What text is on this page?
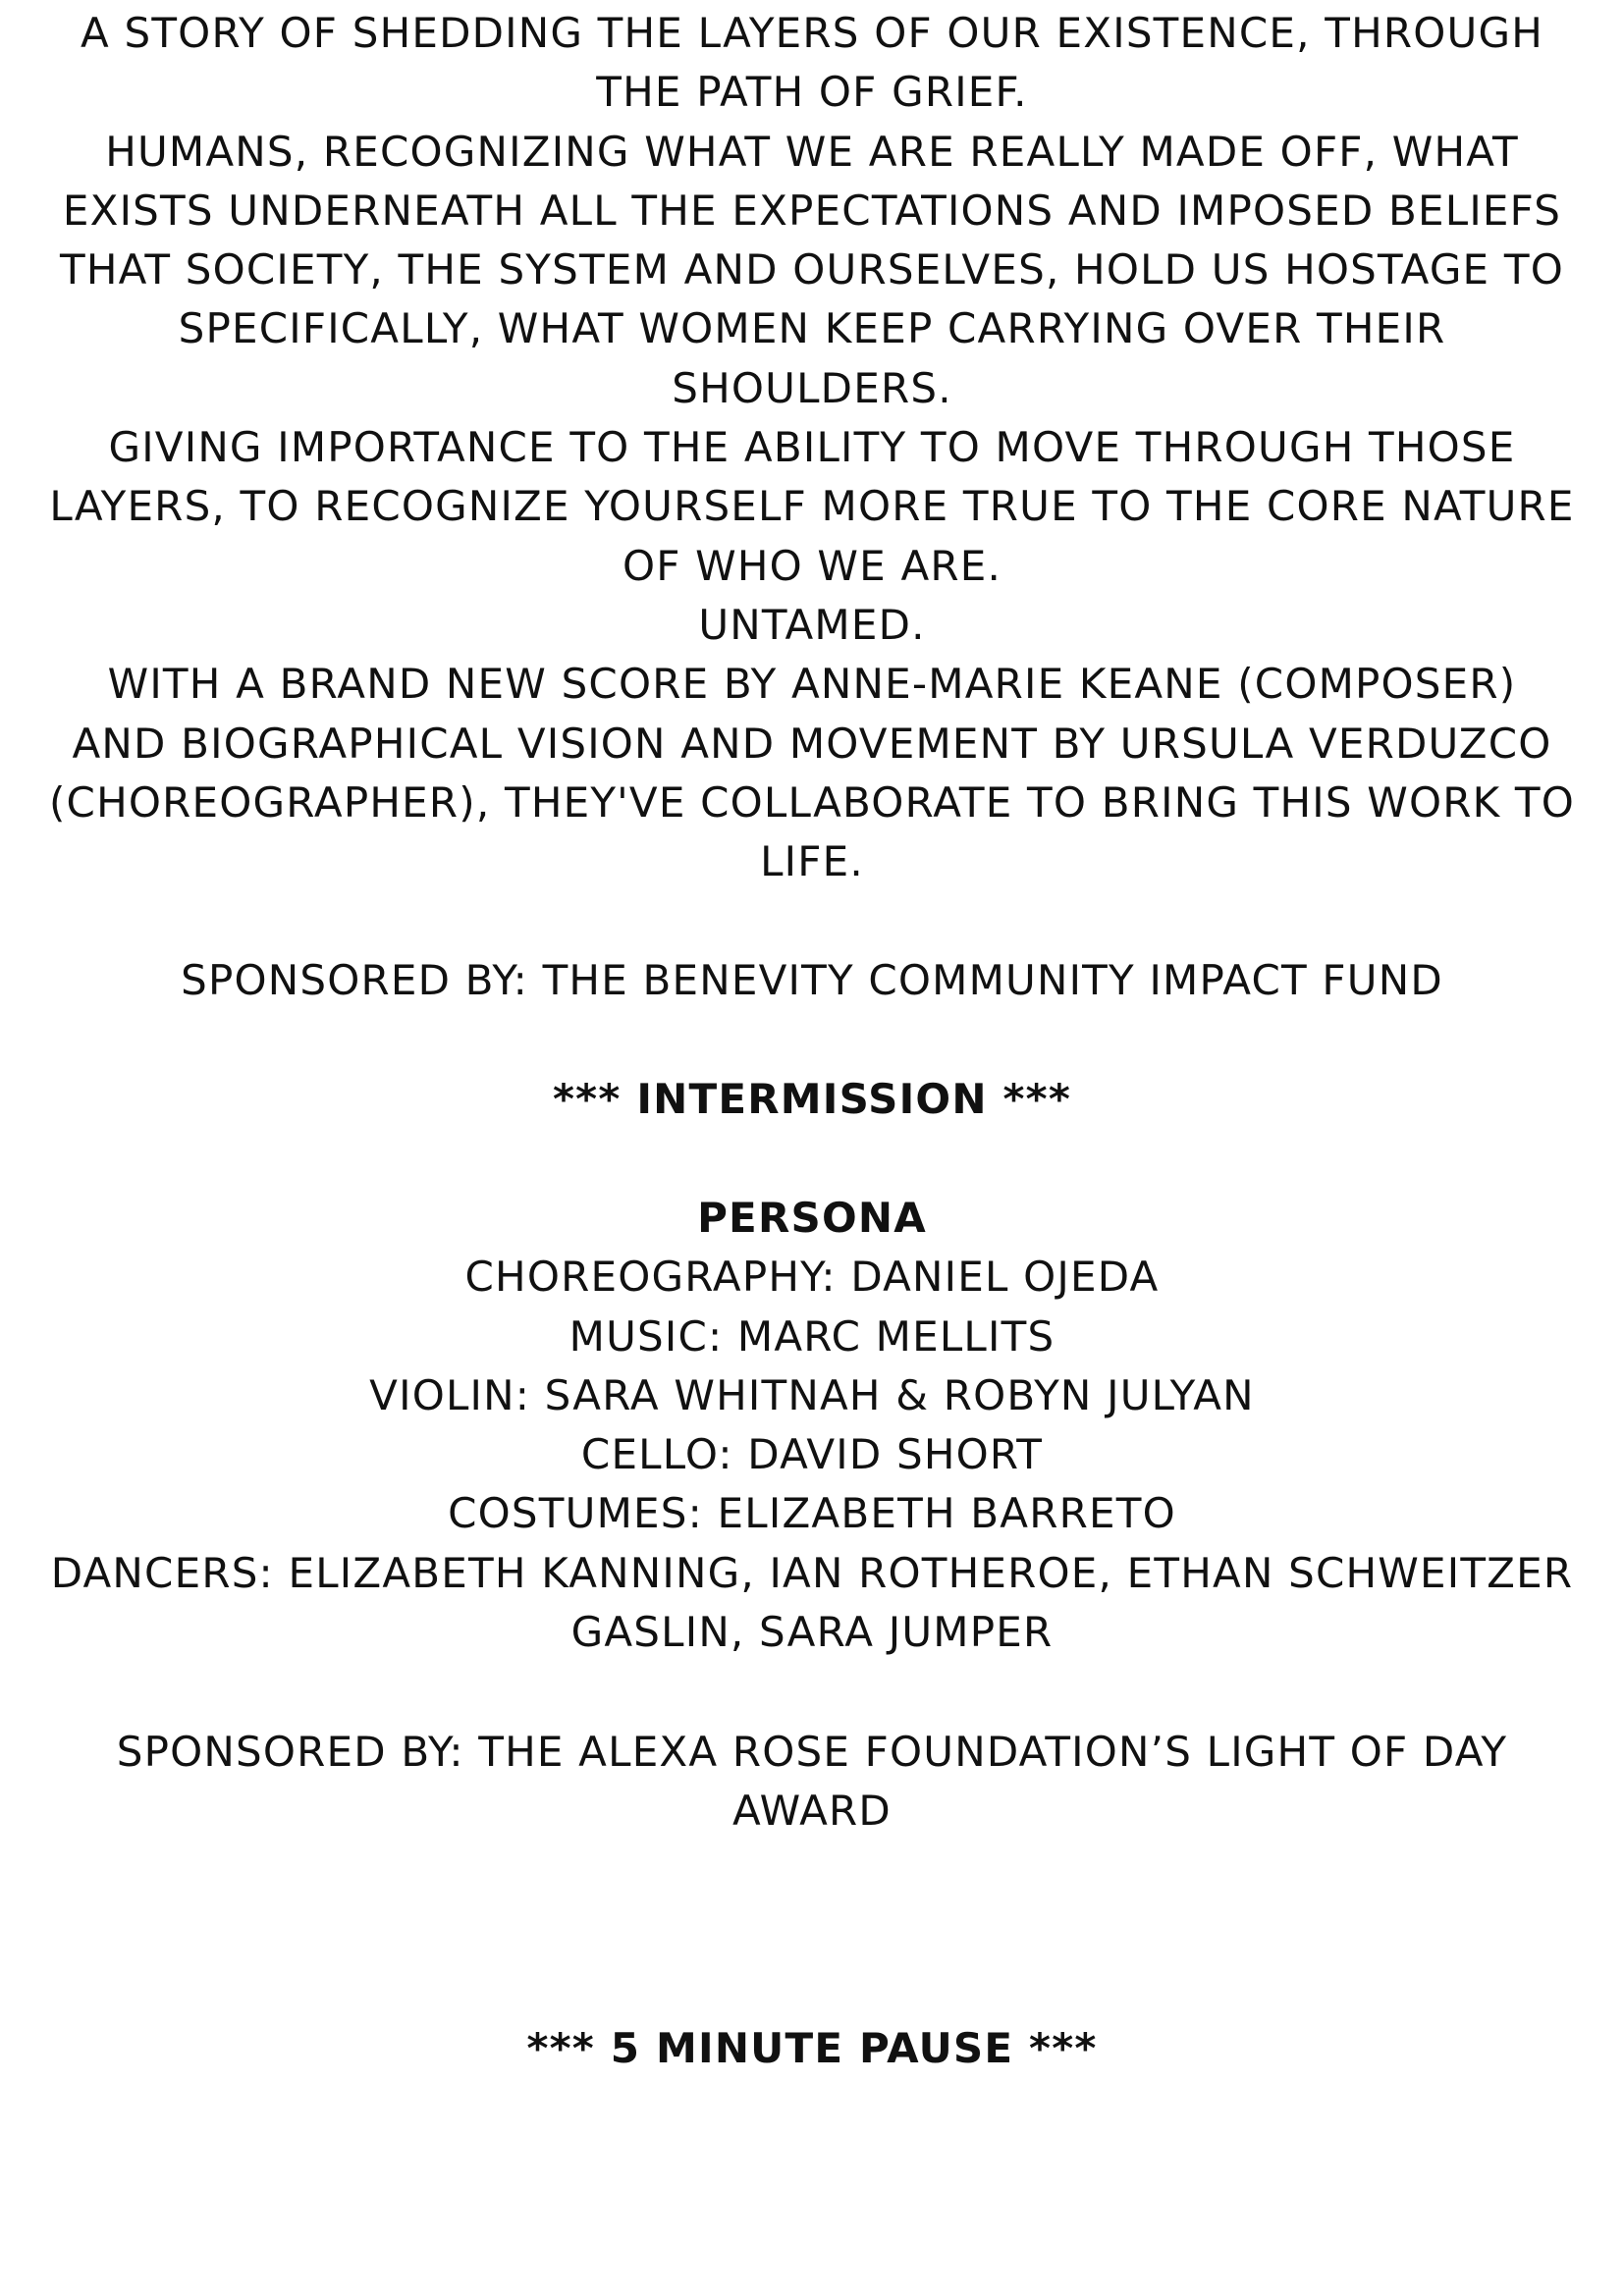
A STORY OF SHEDDING THE LAYERS OF OUR EXISTENCE, THROUGH
THE PATH OF GRIEF.
HUMANS, RECOGNIZING WHAT WE ARE REALLY MADE OFF, WHAT
EXISTS UNDERNEATH ALL THE EXPECTATIONS AND IMPOSED BELIEFS
THAT SOCIETY, THE SYSTEM AND OURSELVES, HOLD US HOSTAGE TO
SPECIFICALLY, WHAT WOMEN KEEP CARRYING OVER THEIR
SHOULDERS.
GIVING IMPORTANCE TO THE ABILITY TO MOVE THROUGH THOSE
LAYERS, TO RECOGNIZE YOURSELF MORE TRUE TO THE CORE NATURE
OF WHO WE ARE.
UNTAMED.
WITH A BRAND NEW SCORE BY ANNE-MARIE KEANE (COMPOSER)
AND BIOGRAPHICAL VISION AND MOVEMENT BY URSULA VERDUZCO
(CHOREOGRAPHER), THEY'VE COLLABORATE TO BRING THIS WORK TO
LIFE.
SPONSORED BY: THE BENEVITY COMMUNITY IMPACT FUND
*** INTERMISSION ***
PERSONA
CHOREOGRAPHY: DANIEL OJEDA
MUSIC: MARC MELLITS
VIOLIN: SARA WHITNAH & ROBYN JULYAN
CELLO: DAVID SHORT
COSTUMES: ELIZABETH BARRETO
DANCERS: ELIZABETH KANNING, IAN ROTHEROE, ETHAN SCHWEITZER
GASLIN, SARA JUMPER
SPONSORED BY: THE ALEXA ROSE FOUNDATION’S LIGHT OF DAY
AWARD
*** 5 MINUTE PAUSE ***
